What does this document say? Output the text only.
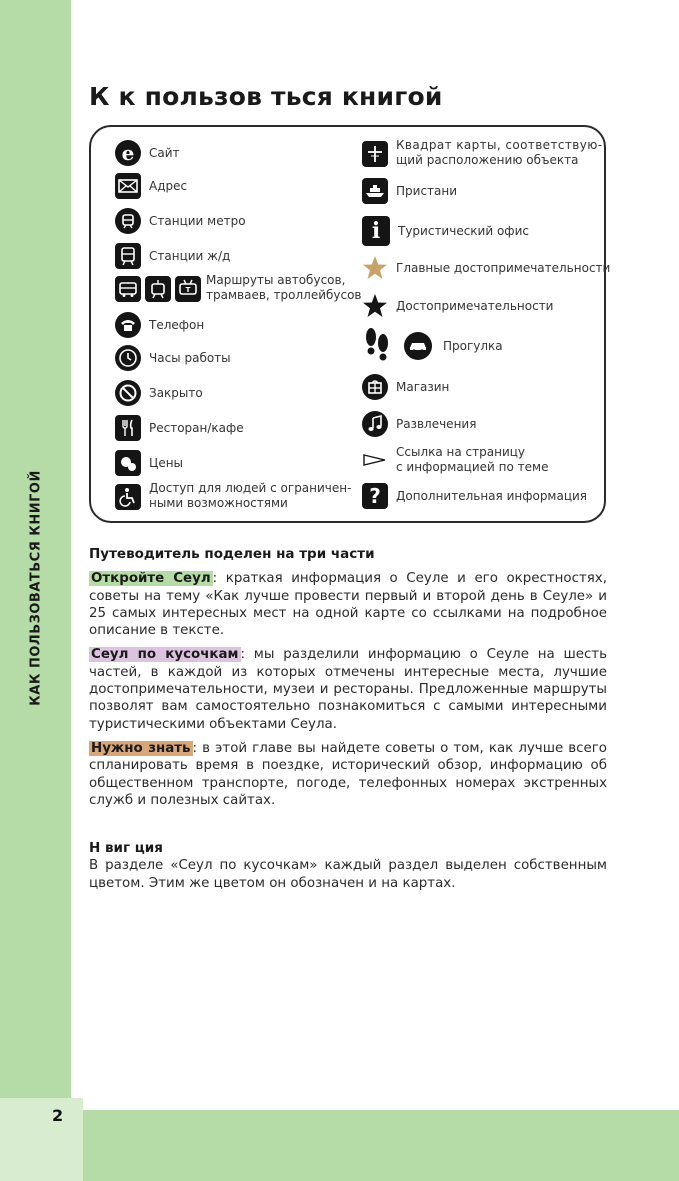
КАК ПОЛЬЗОВАТЬСЯ КНИГОЙ
2
К к пользов ться книгой
e	Сайт
Адрес
Станции метро
Станции ж/д
T
Маршруты автобусов,
трамваев, троллейбусов
Телефон
Часы работы
Закрыто
Ресторан/кафе
Цены
Доступ для людей с ограничен-
ными возможностями
Квадрат карты, соответствую-
щий расположению объекта
Пристани
i	Туристический офис
Главные достопримечательности
Достопримечательности
Прогулка
Магазин
Развлечения
Ссылка на страницу
с информацией по теме
?	Дополнительная информация
Путеводитель поделен на три части

Откройте Сеул : краткая информация о Сеуле и его окрестностях, советы на тему «Как лучше провести первый и второй день в Сеуле» и 25 самых интересных мест на одной карте со ссылками на подробное описание в тексте.

Сеул по кусочкам : мы разделили информацию о Сеуле на шесть частей, в каждой из которых отмечены интересные места, лучшие достопримечательности, музеи и рестораны. Предложенные маршруты позволят вам самостоятельно познакомиться с самыми интересными туристическими объектами Сеула.

Нужно знать : в этой главе вы найдете советы о том, как лучше всего спланировать время в поездке, исторический обзор, информацию об общественном транспорте, погоде, телефонных номерах экстренных служб и полезных сайтах.

Н виг ция

В разделе «Сеул по кусочкам» каждый раздел выделен собственным цветом. Этим же цветом он обозначен и на картах.
